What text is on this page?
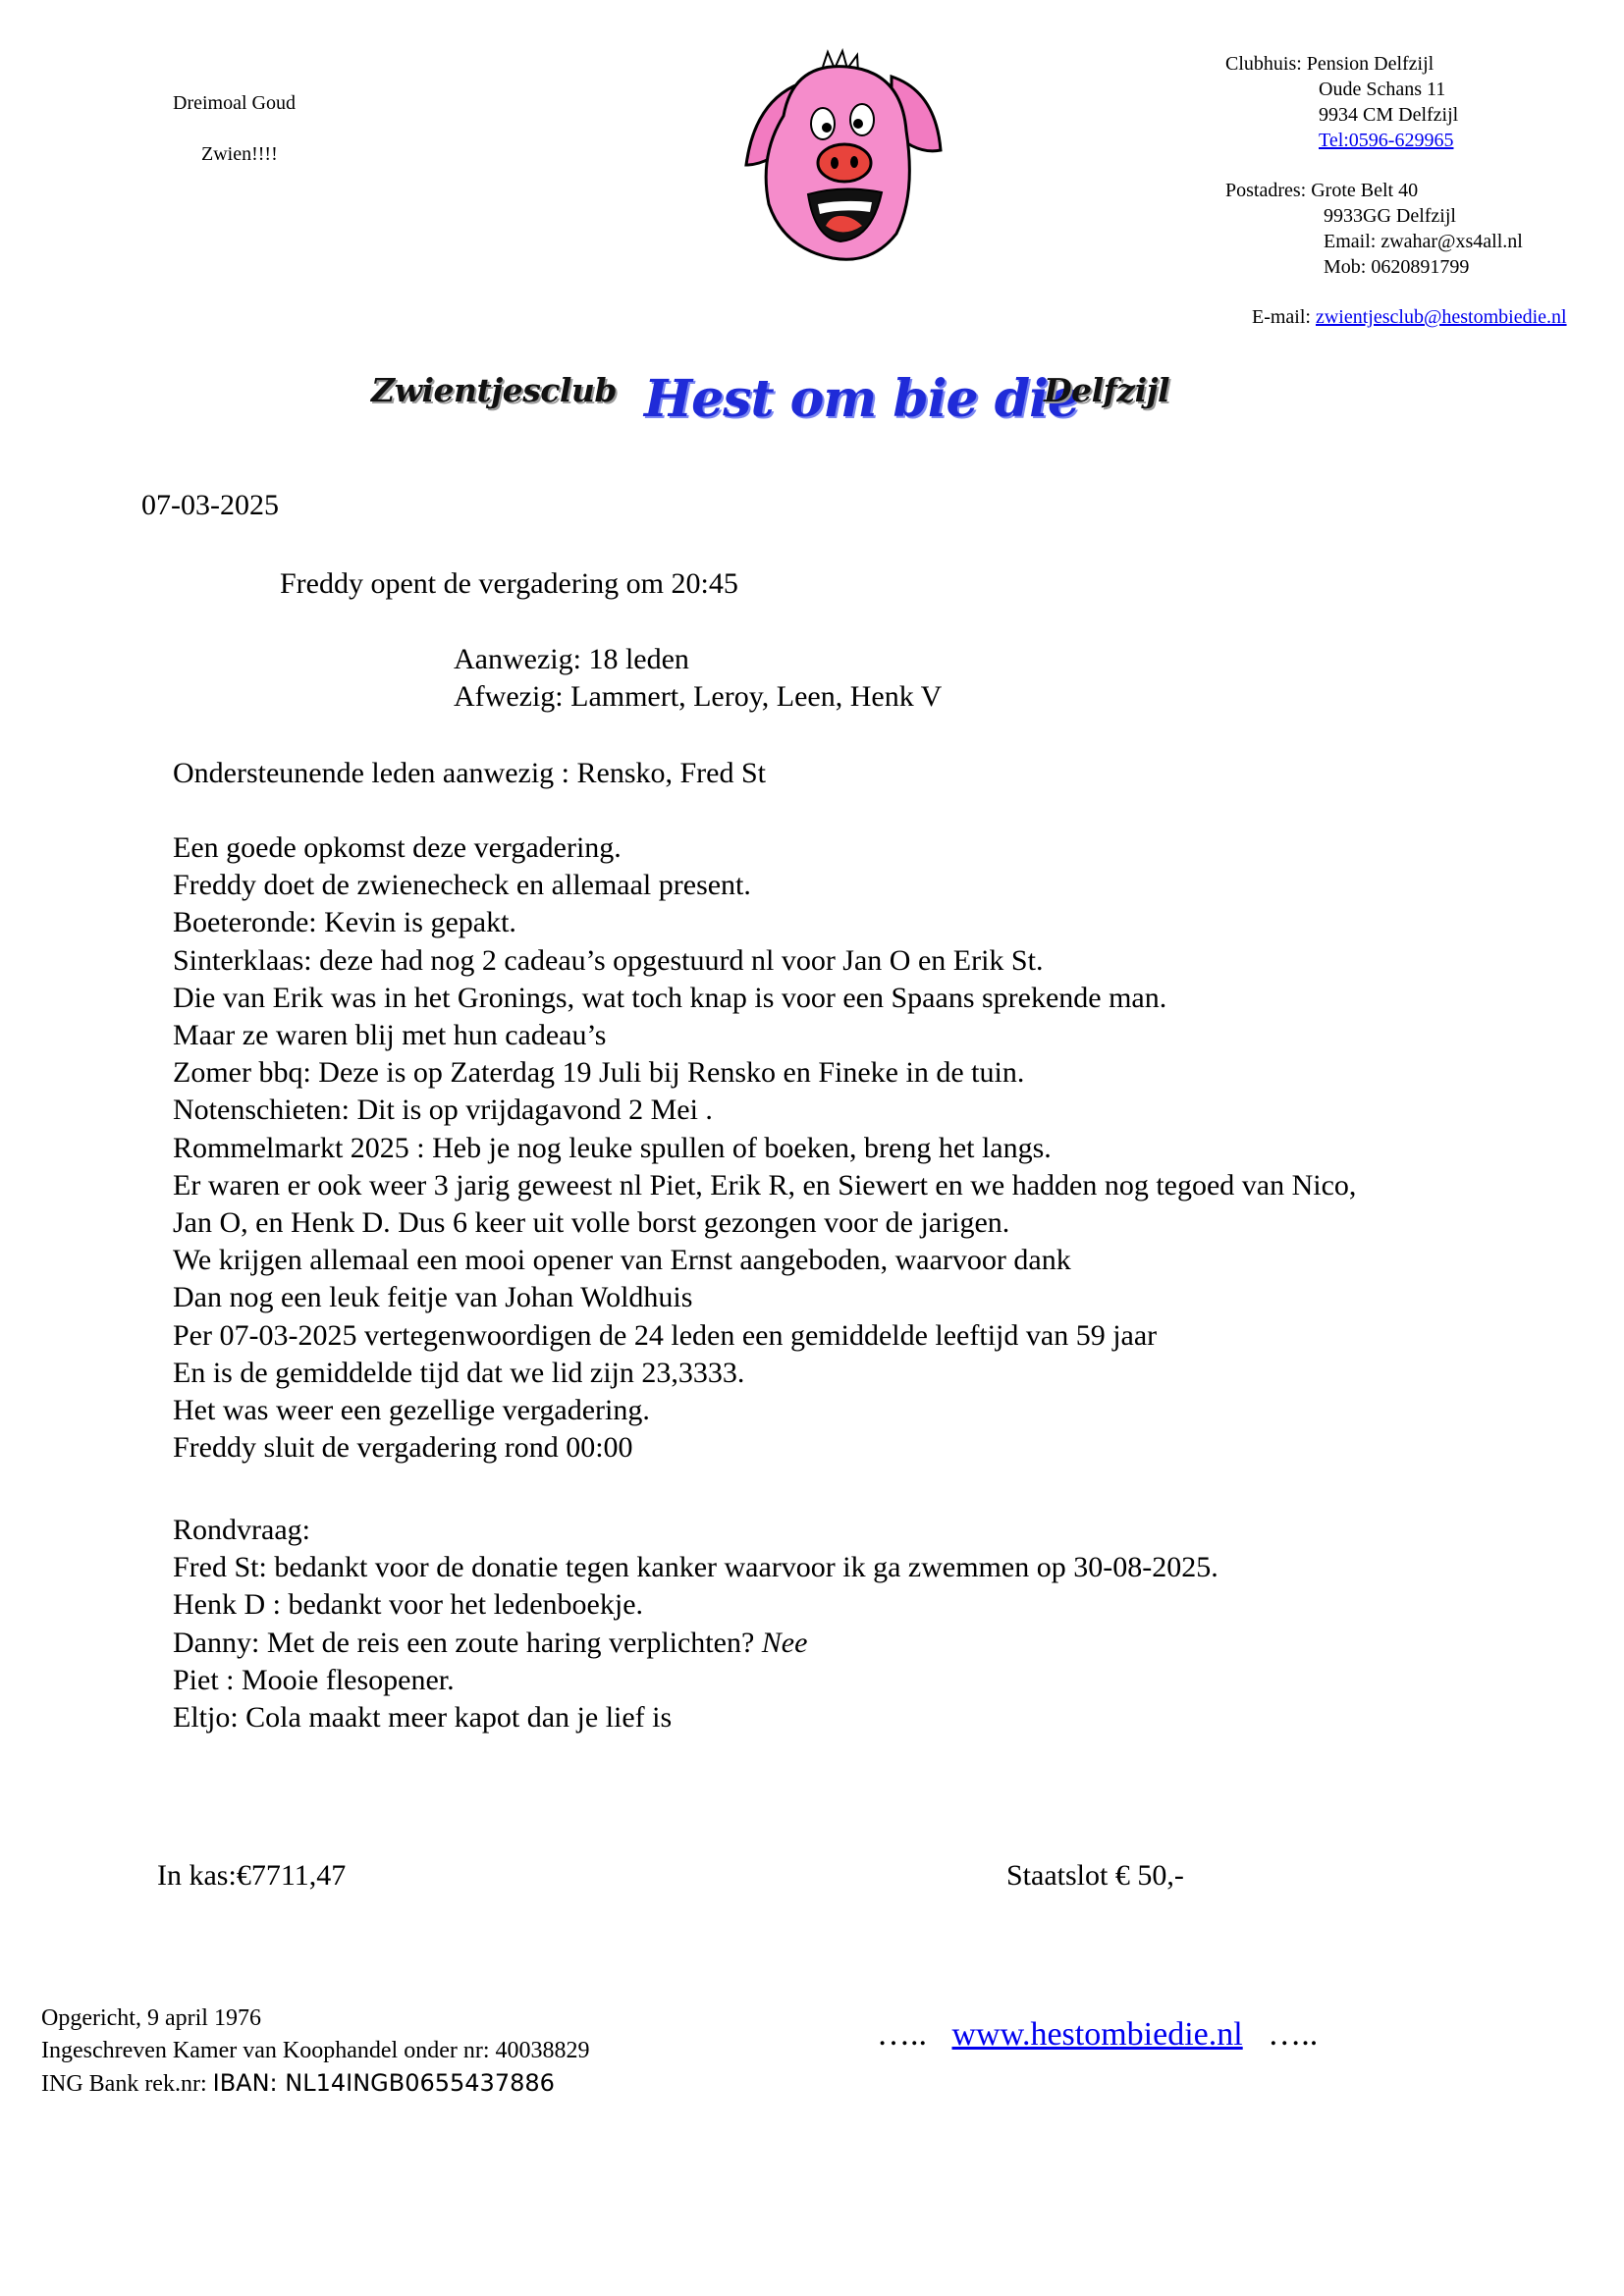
Dreimoal Goud
Zwien!!!!
Clubhuis: Pension Delfzijl
Oude Schans 11
9934 CM Delfzijl
Tel:0596-629965
Postadres: Grote Belt 40
9933GG Delfzijl
Email: zwahar@xs4all.nl
Mob: 0620891799
E-mail: zwientjesclub@hestombiedie.nl
Zwientjesclub Hest om bie die
Delfzijl
07-03-2025
Freddy opent de vergadering om 20:45
Aanwezig: 18 leden
Afwezig: Lammert, Leroy, Leen, Henk V
Ondersteunende leden aanwezig : Rensko, Fred St
Een goede opkomst deze vergadering.
Freddy doet de zwienecheck en allemaal present.
Boeteronde: Kevin is gepakt.
Sinterklaas: deze had nog 2 cadeau’s opgestuurd nl voor Jan O en Erik St.
Die van Erik was in het Gronings, wat toch knap is voor een Spaans sprekende man.
Maar ze waren blij met hun cadeau’s
Zomer bbq: Deze is op Zaterdag 19 Juli bij Rensko en Fineke in de tuin.
Notenschieten: Dit is op vrijdagavond 2 Mei .
Rommelmarkt 2025 : Heb je nog leuke spullen of boeken, breng het langs.
Er waren er ook weer 3 jarig geweest nl Piet, Erik R, en Siewert en we hadden nog tegoed van Nico,
Jan O, en Henk D. Dus 6 keer uit volle borst gezongen voor de jarigen.
We krijgen allemaal een mooi opener van Ernst aangeboden, waarvoor dank
Dan nog een leuk feitje van Johan Woldhuis
Per 07-03-2025 vertegenwoordigen de 24 leden een gemiddelde leeftijd van 59 jaar
En is de gemiddelde tijd dat we lid zijn 23,3333.
Het was weer een gezellige vergadering.
Freddy sluit de vergadering rond 00:00
Rondvraag:
Fred St: bedankt voor de donatie tegen kanker waarvoor ik ga zwemmen op 30-08-2025.
Henk D : bedankt voor het ledenboekje.
Danny: Met de reis een zoute haring verplichten? Nee
Piet : Mooie flesopener.
Eltjo: Cola maakt meer kapot dan je lief is
In kas:€7711,47	Staatslot € 50,-
Opgericht, 9 april 1976
Ingeschreven Kamer van Koophandel onder nr: 40038829
ING Bank rek.nr: IBAN: NL14INGB0655437886
….. www.hestombiedie.nl …..
